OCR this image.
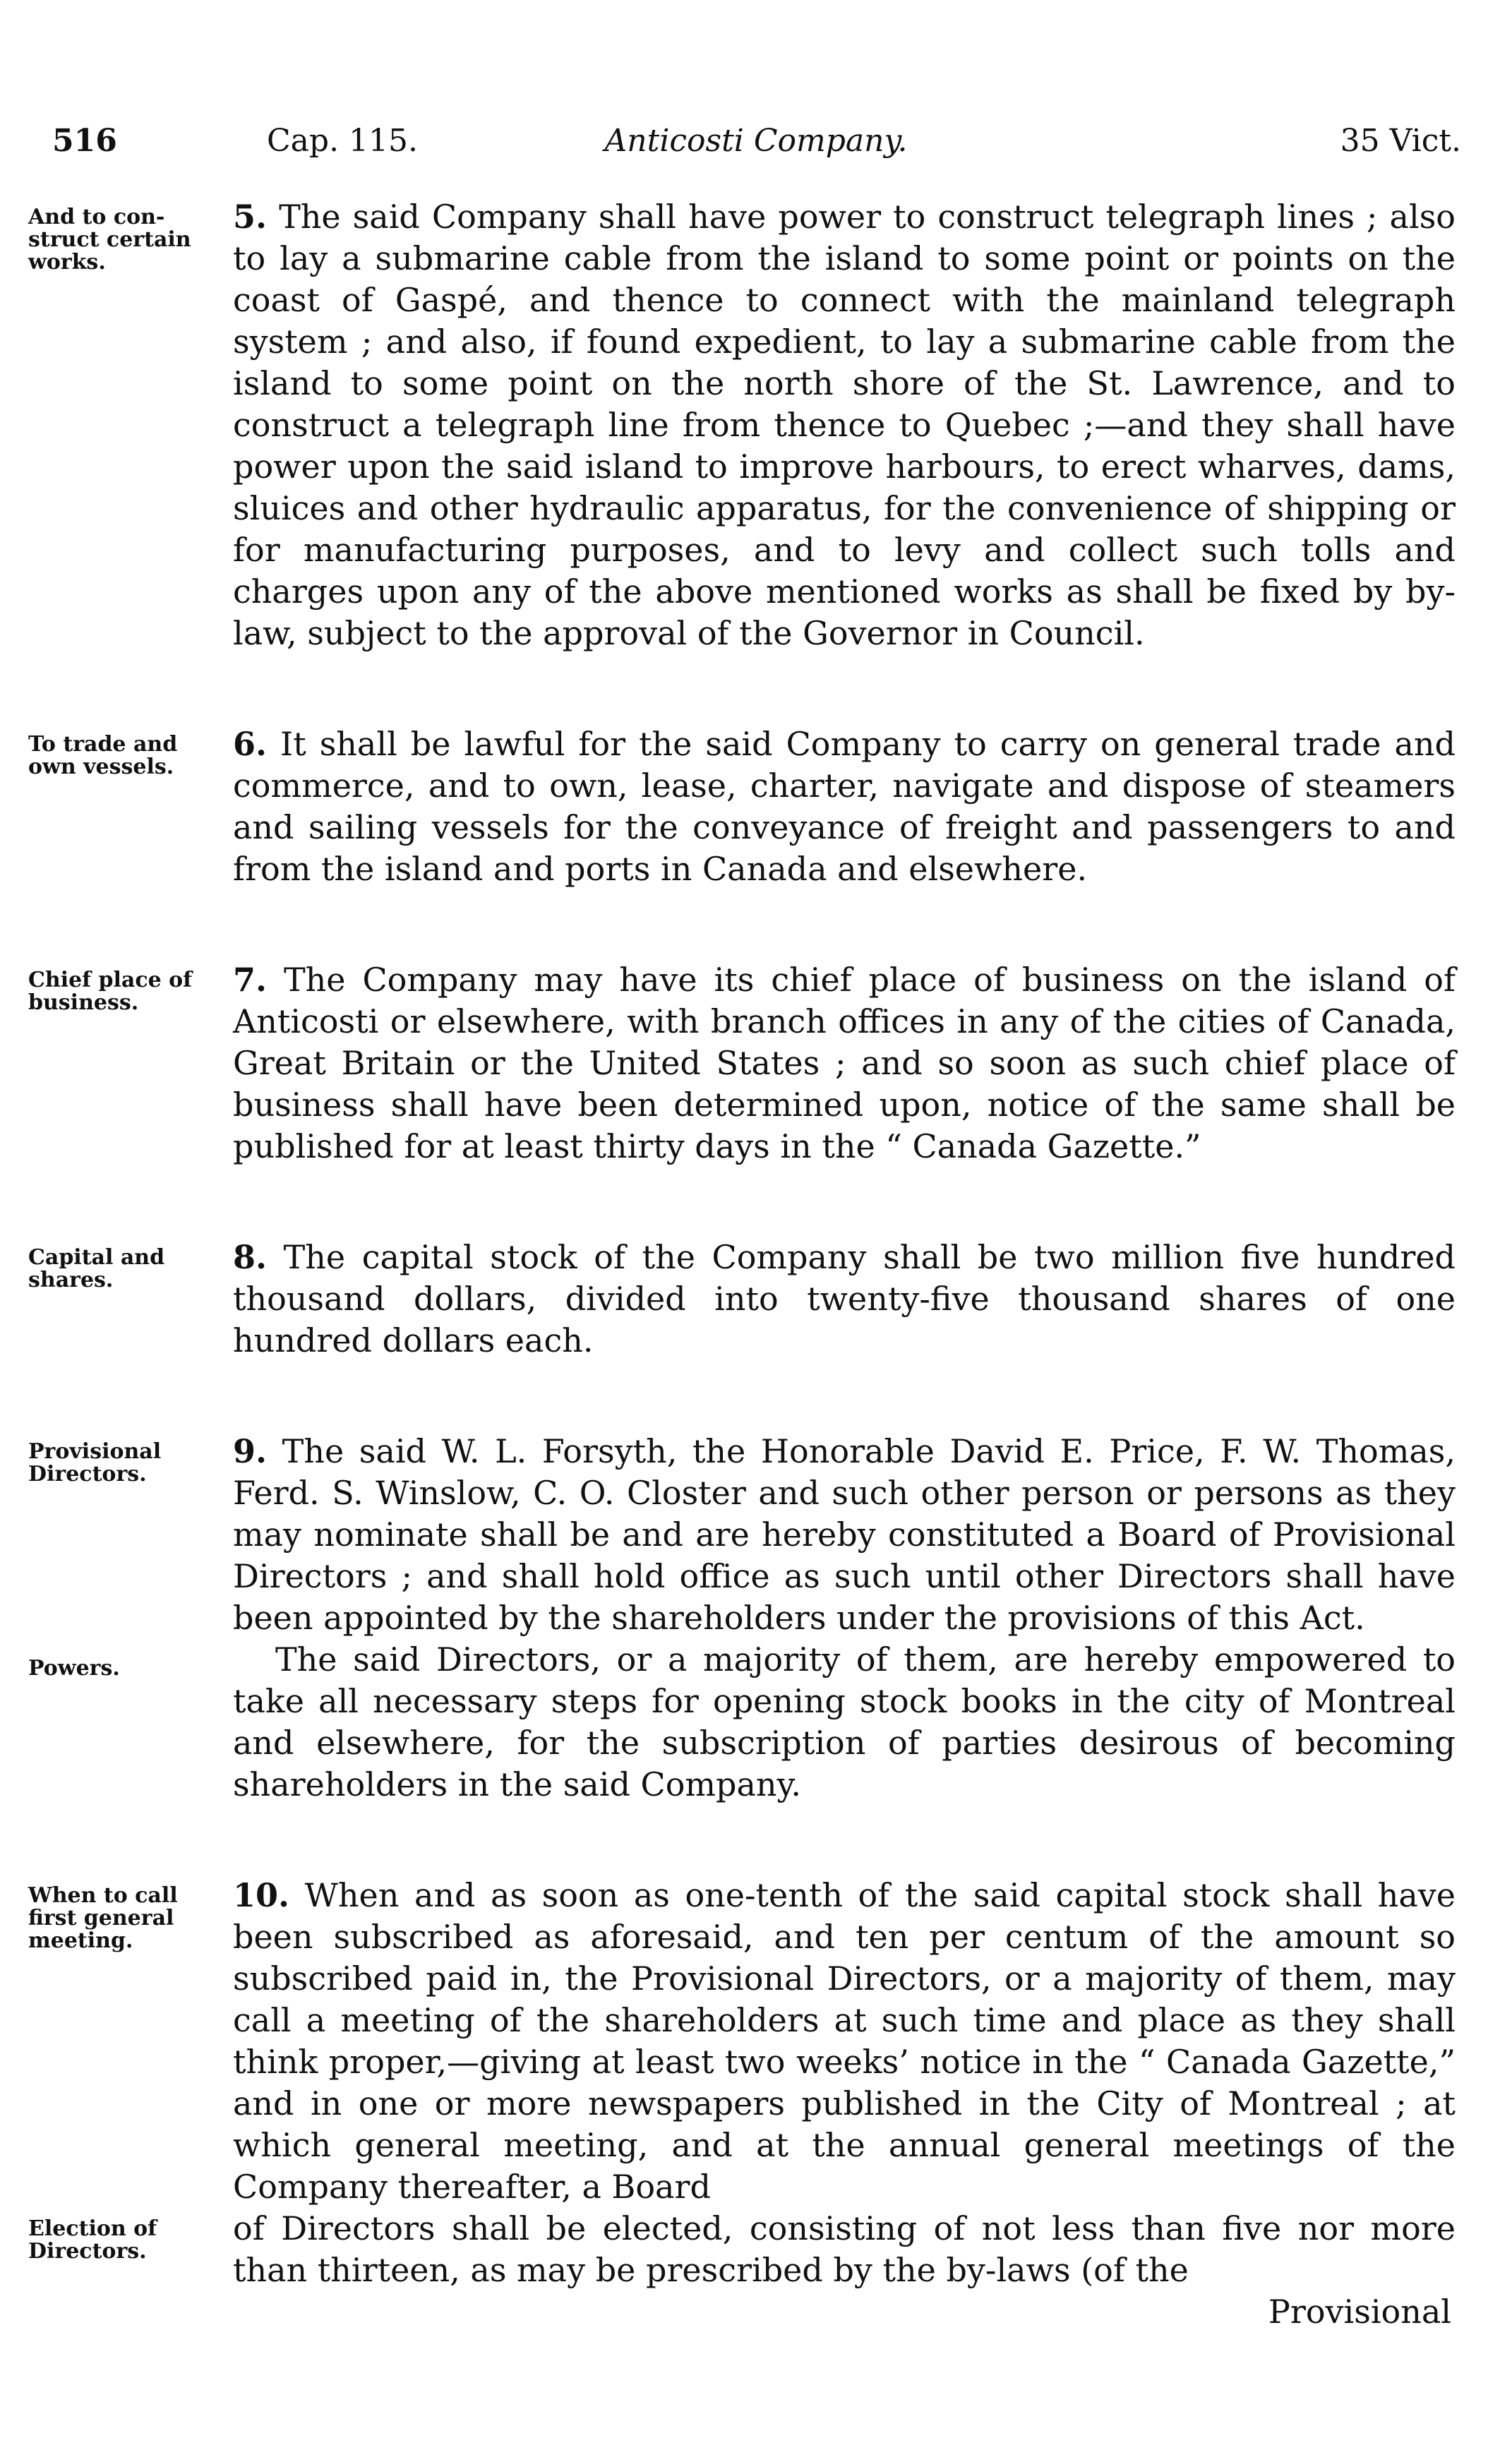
516	Cap. 115.	Anticosti Company.	35 Vict.
And to con-
struct certain
works.

5. The said Company shall have power to construct telegraph lines ; also to lay a submarine cable from the island to some point or points on the coast of Gaspé, and thence to connect with the mainland telegraph system ; and also, if found expedient, to lay a submarine cable from the island to some point on the north shore of the St. Lawrence, and to construct a telegraph line from thence to Quebec ;—and they shall have power upon the said island to improve harbours, to erect wharves, dams, sluices and other hydraulic apparatus, for the convenience of shipping or for manufacturing purposes, and to levy and collect such tolls and charges upon any of the above mentioned works as shall be fixed by by-law, subject to the approval of the Governor in Council.

To trade and
own vessels.

6. It shall be lawful for the said Company to carry on general trade and commerce, and to own, lease, charter, navigate and dispose of steamers and sailing vessels for the conveyance of freight and passengers to and from the island and ports in Canada and elsewhere.

Chief place of
business.

7. The Company may have its chief place of business on the island of Anticosti or elsewhere, with branch offices in any of the cities of Canada, Great Britain or the United States ; and so soon as such chief place of business shall have been determined upon, notice of the same shall be published for at least thirty days in the “ Canada Gazette.”

Capital and
shares.

8. The capital stock of the Company shall be two million five hundred thousand dollars, divided into twenty-five thousand shares of one hundred dollars each.

Provisional
Directors.

9. The said W. L. Forsyth, the Honorable David E. Price, F. W. Thomas, Ferd. S. Winslow, C. O. Closter and such other person or persons as they may nominate shall be and are hereby constituted a Board of Provisional Directors ; and shall hold office as such until other Directors shall have been appointed by the shareholders under the provisions of this Act.

Powers.	The said Directors, or a majority of them, are hereby empowered to take all necessary steps for opening stock books in the city of Montreal and elsewhere, for the subscription of parties desirous of becoming shareholders in the said Company.

When to call
first general
meeting.

10. When and as soon as one-tenth of the said capital stock shall have been subscribed as aforesaid, and ten per centum of the amount so subscribed paid in, the Provisional Directors, or a majority of them, may call a meeting of the shareholders at such time and place as they shall think proper,—giving at least two weeks’ notice in the “ Canada Gazette,” and in one or more newspapers published in the City of Montreal ; at which general meeting, and at the annual general meetings of the Company thereafter, a Board

Election of
Directors.

of Directors shall be elected, consisting of not less than five nor more than thirteen, as may be prescribed by the by-laws (of the

Provisional
